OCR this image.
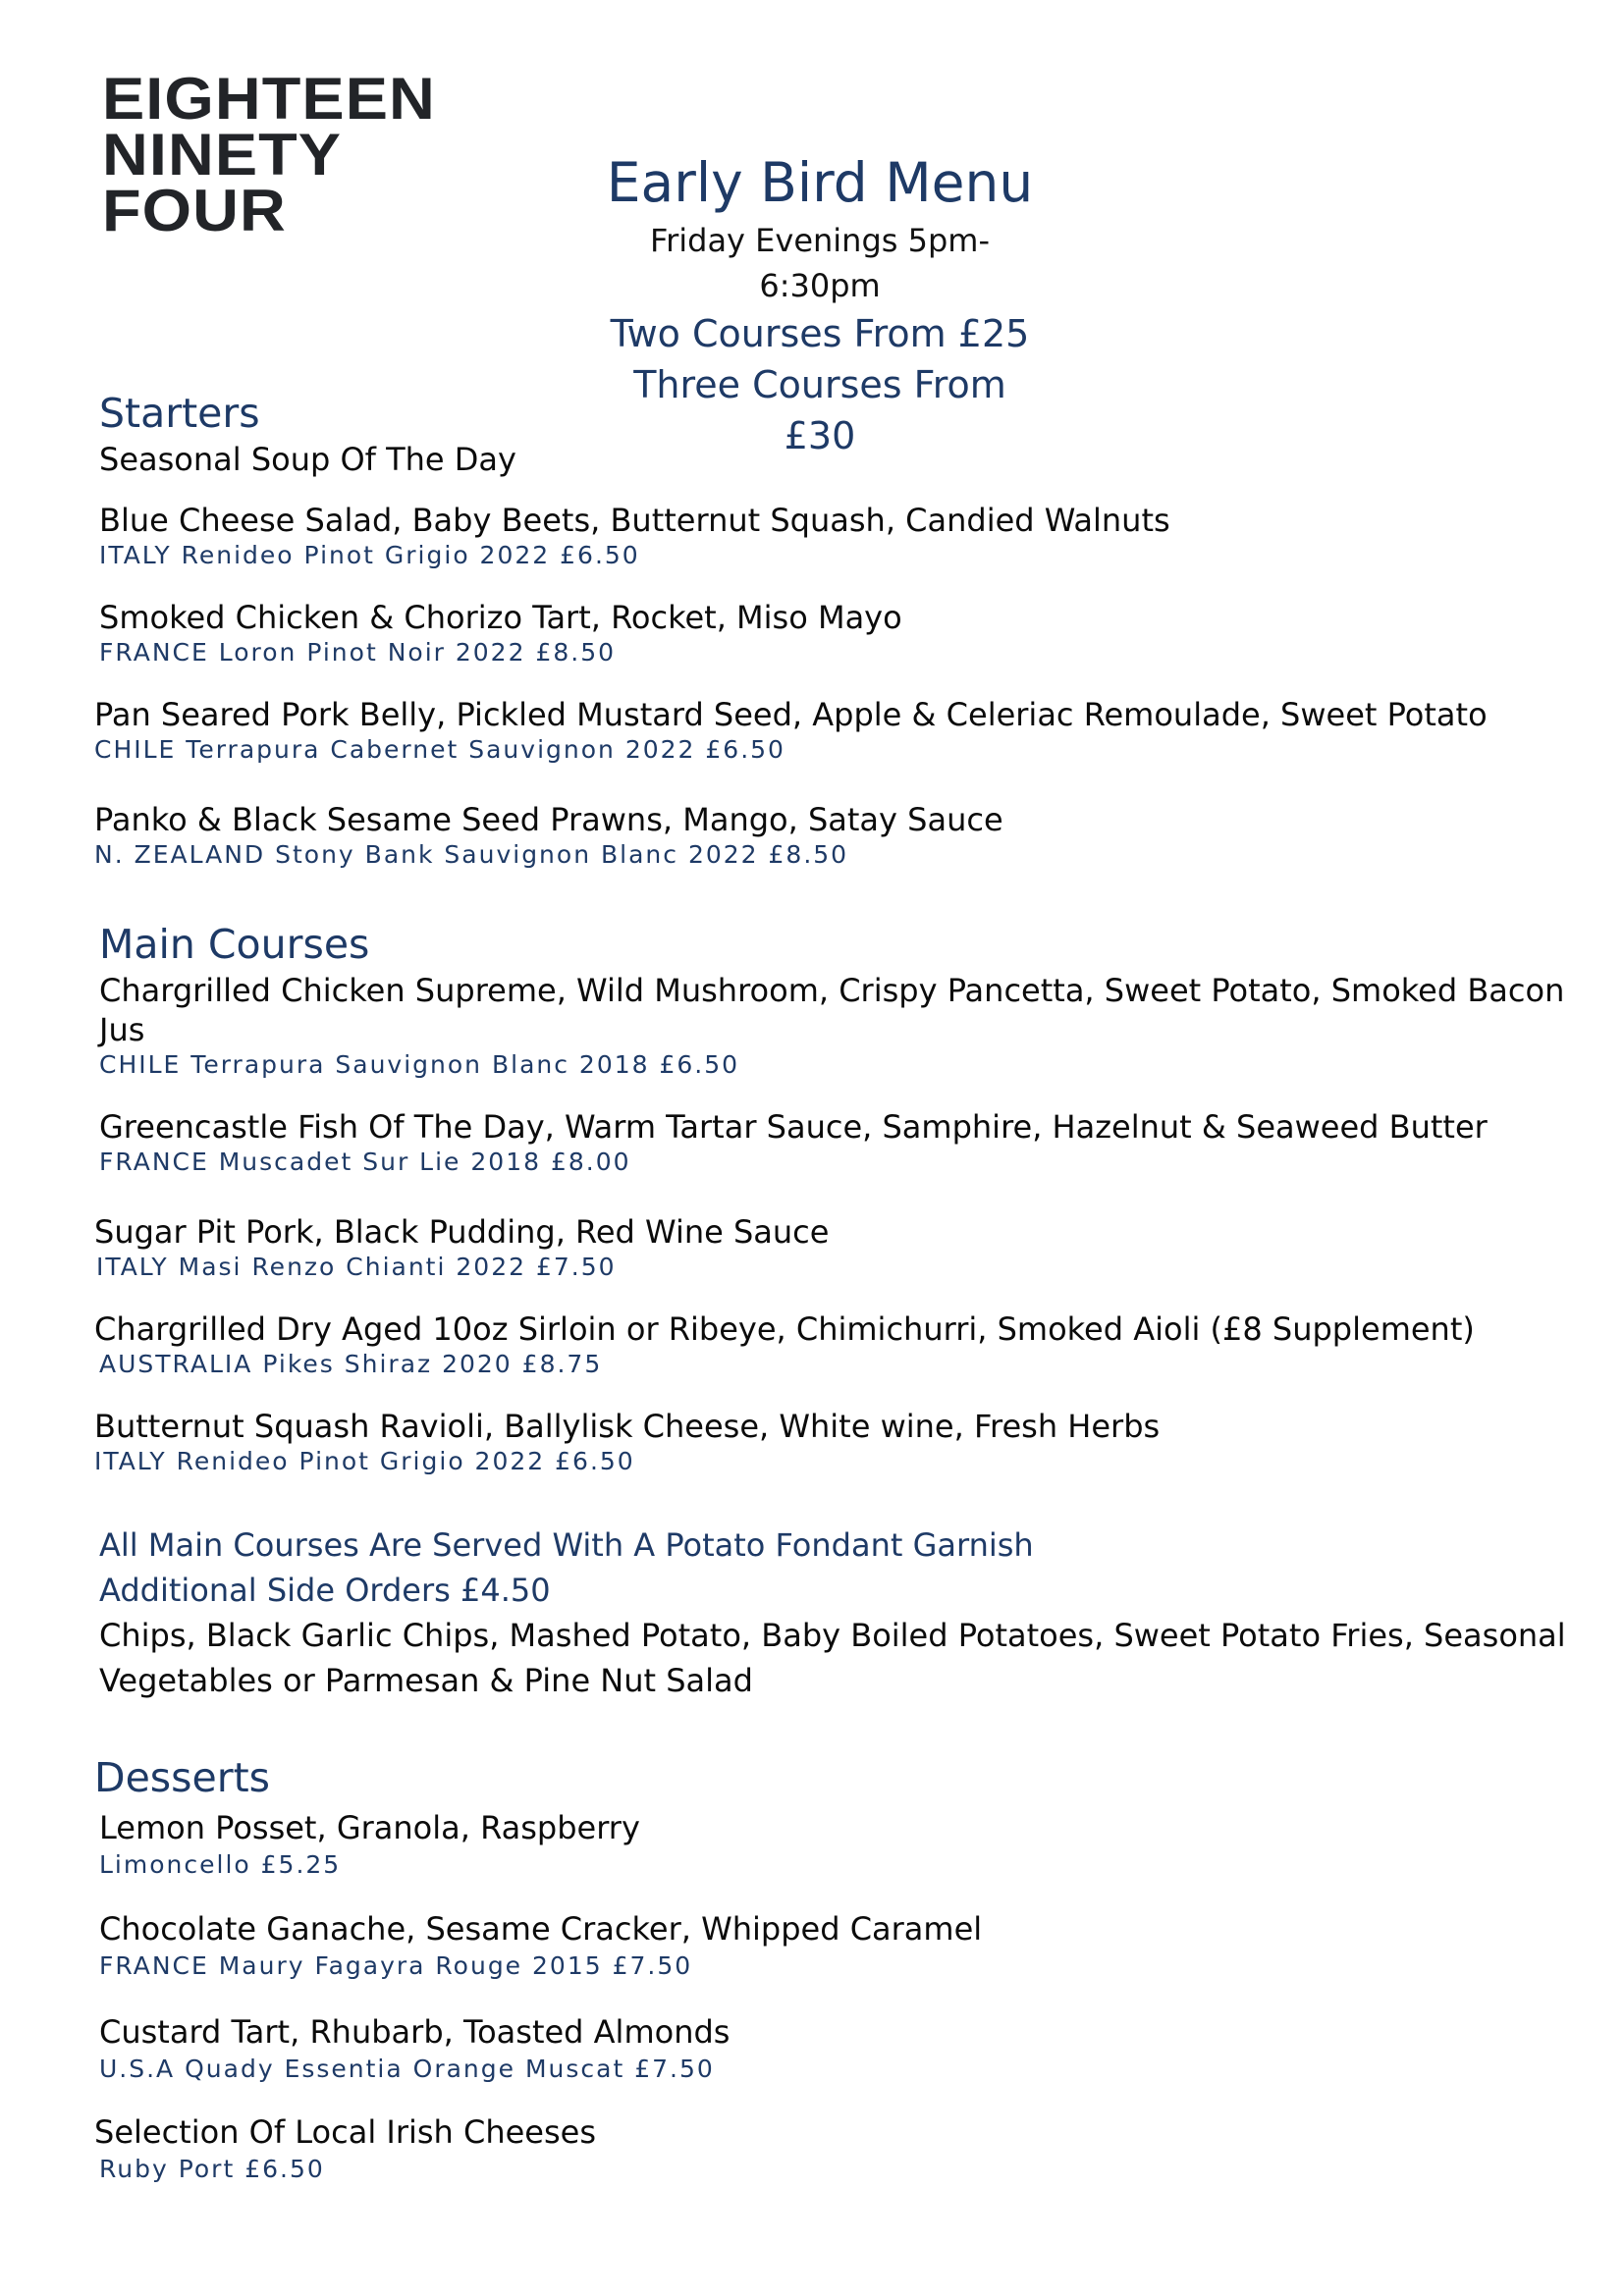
EIGHTEEN
NINETY
FOUR	Early Bird Menu
Friday Evenings 5pm-6:30pm
Two Courses From £25
Three Courses From £30
Starters
Seasonal Soup Of The Day
Blue Cheese Salad, Baby Beets, Butternut Squash, Candied Walnuts
ITALY Renideo Pinot Grigio 2022 £6.50
Smoked Chicken & Chorizo Tart, Rocket, Miso Mayo
FRANCE Loron Pinot Noir 2022 £8.50
Pan Seared Pork Belly, Pickled Mustard Seed, Apple & Celeriac Remoulade, Sweet Potato
CHILE Terrapura Cabernet Sauvignon 2022 £6.50
Panko & Black Sesame Seed Prawns, Mango, Satay Sauce
N. ZEALAND Stony Bank Sauvignon Blanc 2022 £8.50
Main Courses
Chargrilled Chicken Supreme, Wild Mushroom, Crispy Pancetta, Sweet Potato, Smoked Bacon
Jus
CHILE Terrapura Sauvignon Blanc 2018 £6.50
Greencastle Fish Of The Day, Warm Tartar Sauce, Samphire, Hazelnut & Seaweed Butter
FRANCE Muscadet Sur Lie 2018 £8.00
Sugar Pit Pork, Black Pudding, Red Wine Sauce
ITALY Masi Renzo Chianti 2022 £7.50
Chargrilled Dry Aged 10oz Sirloin or Ribeye, Chimichurri, Smoked Aioli (£8 Supplement)
AUSTRALIA Pikes Shiraz 2020 £8.75
Butternut Squash Ravioli, Ballylisk Cheese, White wine, Fresh Herbs
ITALY Renideo Pinot Grigio 2022 £6.50
All Main Courses Are Served With A Potato Fondant Garnish
Additional Side Orders £4.50
Chips, Black Garlic Chips, Mashed Potato, Baby Boiled Potatoes, Sweet Potato Fries, Seasonal
Vegetables or Parmesan & Pine Nut Salad
Desserts
Lemon Posset, Granola, Raspberry
Limoncello £5.25
Chocolate Ganache, Sesame Cracker, Whipped Caramel
FRANCE Maury Fagayra Rouge 2015 £7.50
Custard Tart, Rhubarb, Toasted Almonds
U.S.A Quady Essentia Orange Muscat £7.50
Selection Of Local Irish Cheeses
Ruby Port £6.50
